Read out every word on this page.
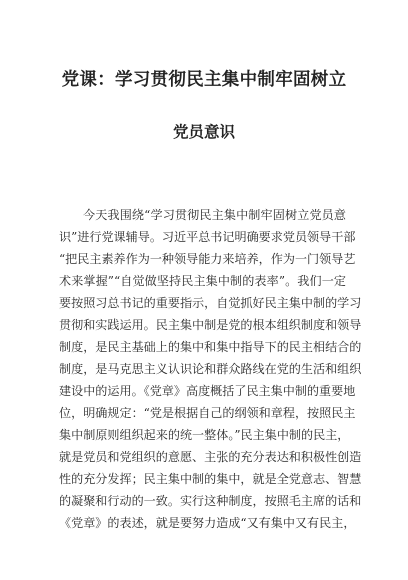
党课：学习贯彻民主集中制牢固树立
党员意识
今天我围绕“学习贯彻民主集中制牢固树立党员意
识”进行党课辅导。习近平总书记明确要求党员领导干部
“把民主素养作为一种领导能力来培养，作为一门领导艺
术来掌握”“自觉做坚持民主集中制的表率”。我们一定
要按照习总书记的重要指示，自觉抓好民主集中制的学习
贯彻和实践运用。民主集中制是党的根本组织制度和领导
制度，是民主基础上的集中和集中指导下的民主相结合的
制度，是马克思主义认识论和群众路线在党的生活和组织
建设中的运用。《党章》高度概括了民主集中制的重要地
位，明确规定：“党是根据自己的纲领和章程，按照民主
集中制原则组织起来的统一整体。”民主集中制的民主，
就是党员和党组织的意愿、主张的充分表达和积极性创造
性的充分发挥；民主集中制的集中，就是全党意志、智慧
的凝聚和行动的一致。实行这种制度，按照毛主席的话和
《党章》的表述，就是要努力造成“又有集中又有民主，
